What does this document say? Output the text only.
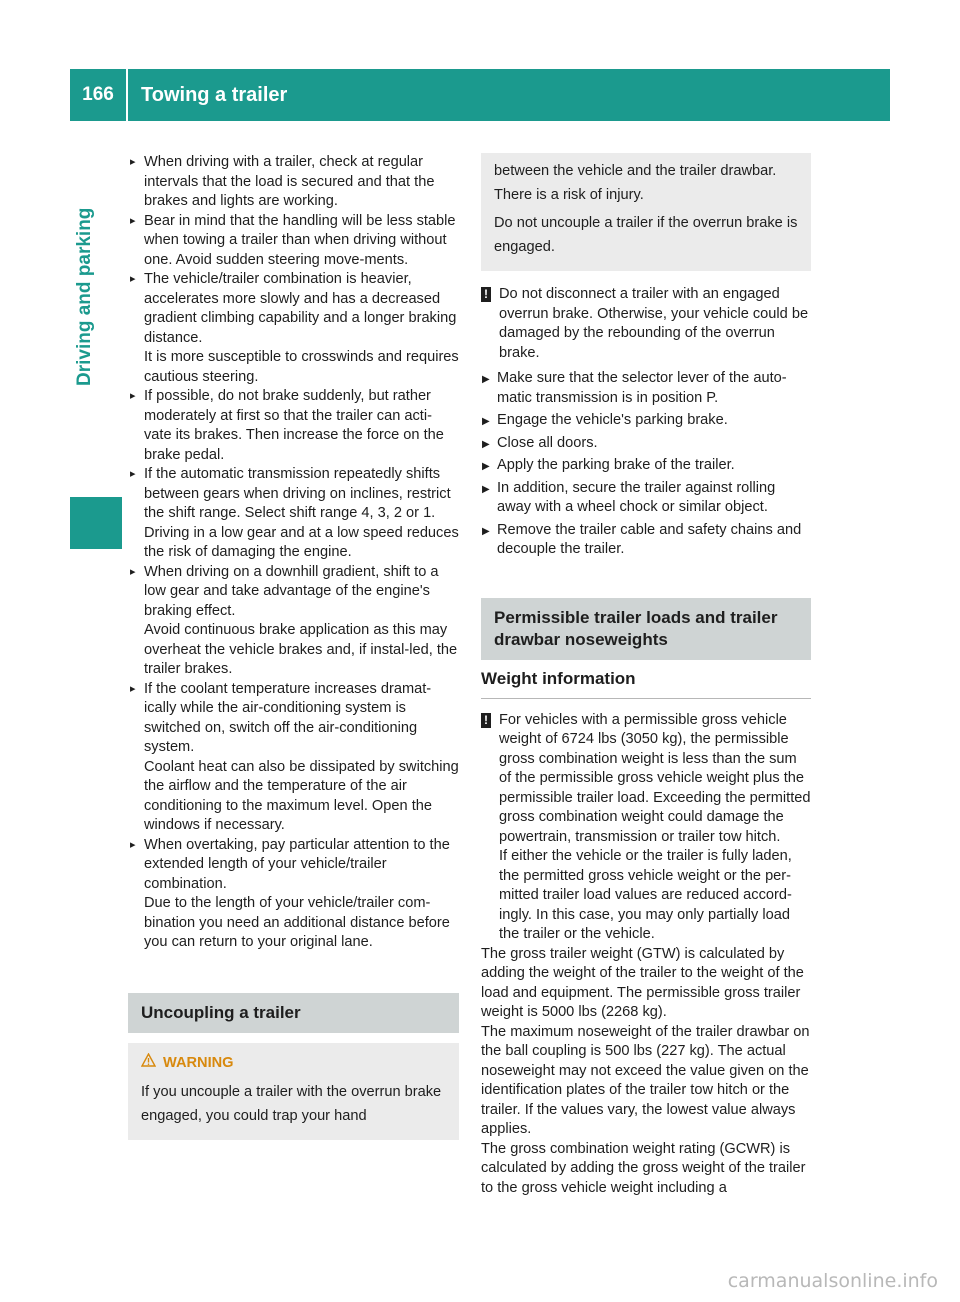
166	Towing a trailer
Driving and parking

▸ When driving with a trailer, check at regular intervals that the load is secured and that the brakes and lights are working.

▸ Bear in mind that the handling will be less stable when towing a trailer than when driving without one. Avoid sudden steering move-ments.

▸ The vehicle/trailer combination is heavier, accelerates more slowly and has a decreased gradient climbing capability and a longer braking distance.

It is more susceptible to crosswinds and requires cautious steering.

▸ If possible, do not brake suddenly, but rather moderately at first so that the trailer can acti-vate its brakes. Then increase the force on the brake pedal.

▸ If the automatic transmission repeatedly shifts between gears when driving on inclines, restrict the shift range. Select shift range 4, 3, 2 or 1.

Driving in a low gear and at a low speed reduces the risk of damaging the engine.

▸ When driving on a downhill gradient, shift to a low gear and take advantage of the engine's braking effect.

Avoid continuous brake application as this may overheat the vehicle brakes and, if instal-led, the trailer brakes.

▸ If the coolant temperature increases dramat-ically while the air-conditioning system is switched on, switch off the air-conditioning system.

Coolant heat can also be dissipated by switching the airflow and the temperature of the air conditioning to the maximum level. Open the windows if necessary.

▸ When overtaking, pay particular attention to the extended length of your vehicle/trailer combination.

Due to the length of your vehicle/trailer com-bination you need an additional distance before you can return to your original lane.

Uncoupling a trailer
WARNING

If you uncouple a trailer with the overrun brake engaged, you could trap your hand

between the vehicle and the trailer drawbar. There is a risk of injury.

Do not uncouple a trailer if the overrun brake is engaged.

! Do not disconnect a trailer with an engaged overrun brake. Otherwise, your vehicle could be damaged by the rebounding of the overrun brake.

▶ Make sure that the selector lever of the auto-matic transmission is in position P.

▶ Engage the vehicle's parking brake.

▶ Close all doors.

▶ Apply the parking brake of the trailer.

▶ In addition, secure the trailer against rolling away with a wheel chock or similar object.

▶ Remove the trailer cable and safety chains and decouple the trailer.

Permissible trailer loads and trailer drawbar noseweights
Weight information
! For vehicles with a permissible gross vehicle weight of 6724 lbs (3050 kg), the permissible gross combination weight is less than the sum of the permissible gross vehicle weight plus the permissible trailer load. Exceeding the permitted gross combination weight could damage the powertrain, transmission or trailer tow hitch.

If either the vehicle or the trailer is fully laden, the permitted gross vehicle weight or the per-mitted trailer load values are reduced accord-ingly. In this case, you may only partially load the trailer or the vehicle.

The gross trailer weight (GTW) is calculated by adding the weight of the trailer to the weight of the load and equipment. The permissible gross trailer weight is 5000 lbs (2268 kg).

The maximum noseweight of the trailer drawbar on the ball coupling is 500 lbs (227 kg). The actual noseweight may not exceed the value given on the identification plates of the trailer tow hitch or the trailer. If the values vary, the lowest value always applies.

The gross combination weight rating (GCWR) is calculated by adding the gross weight of the trailer to the gross vehicle weight including a

carmanualsonline.info
